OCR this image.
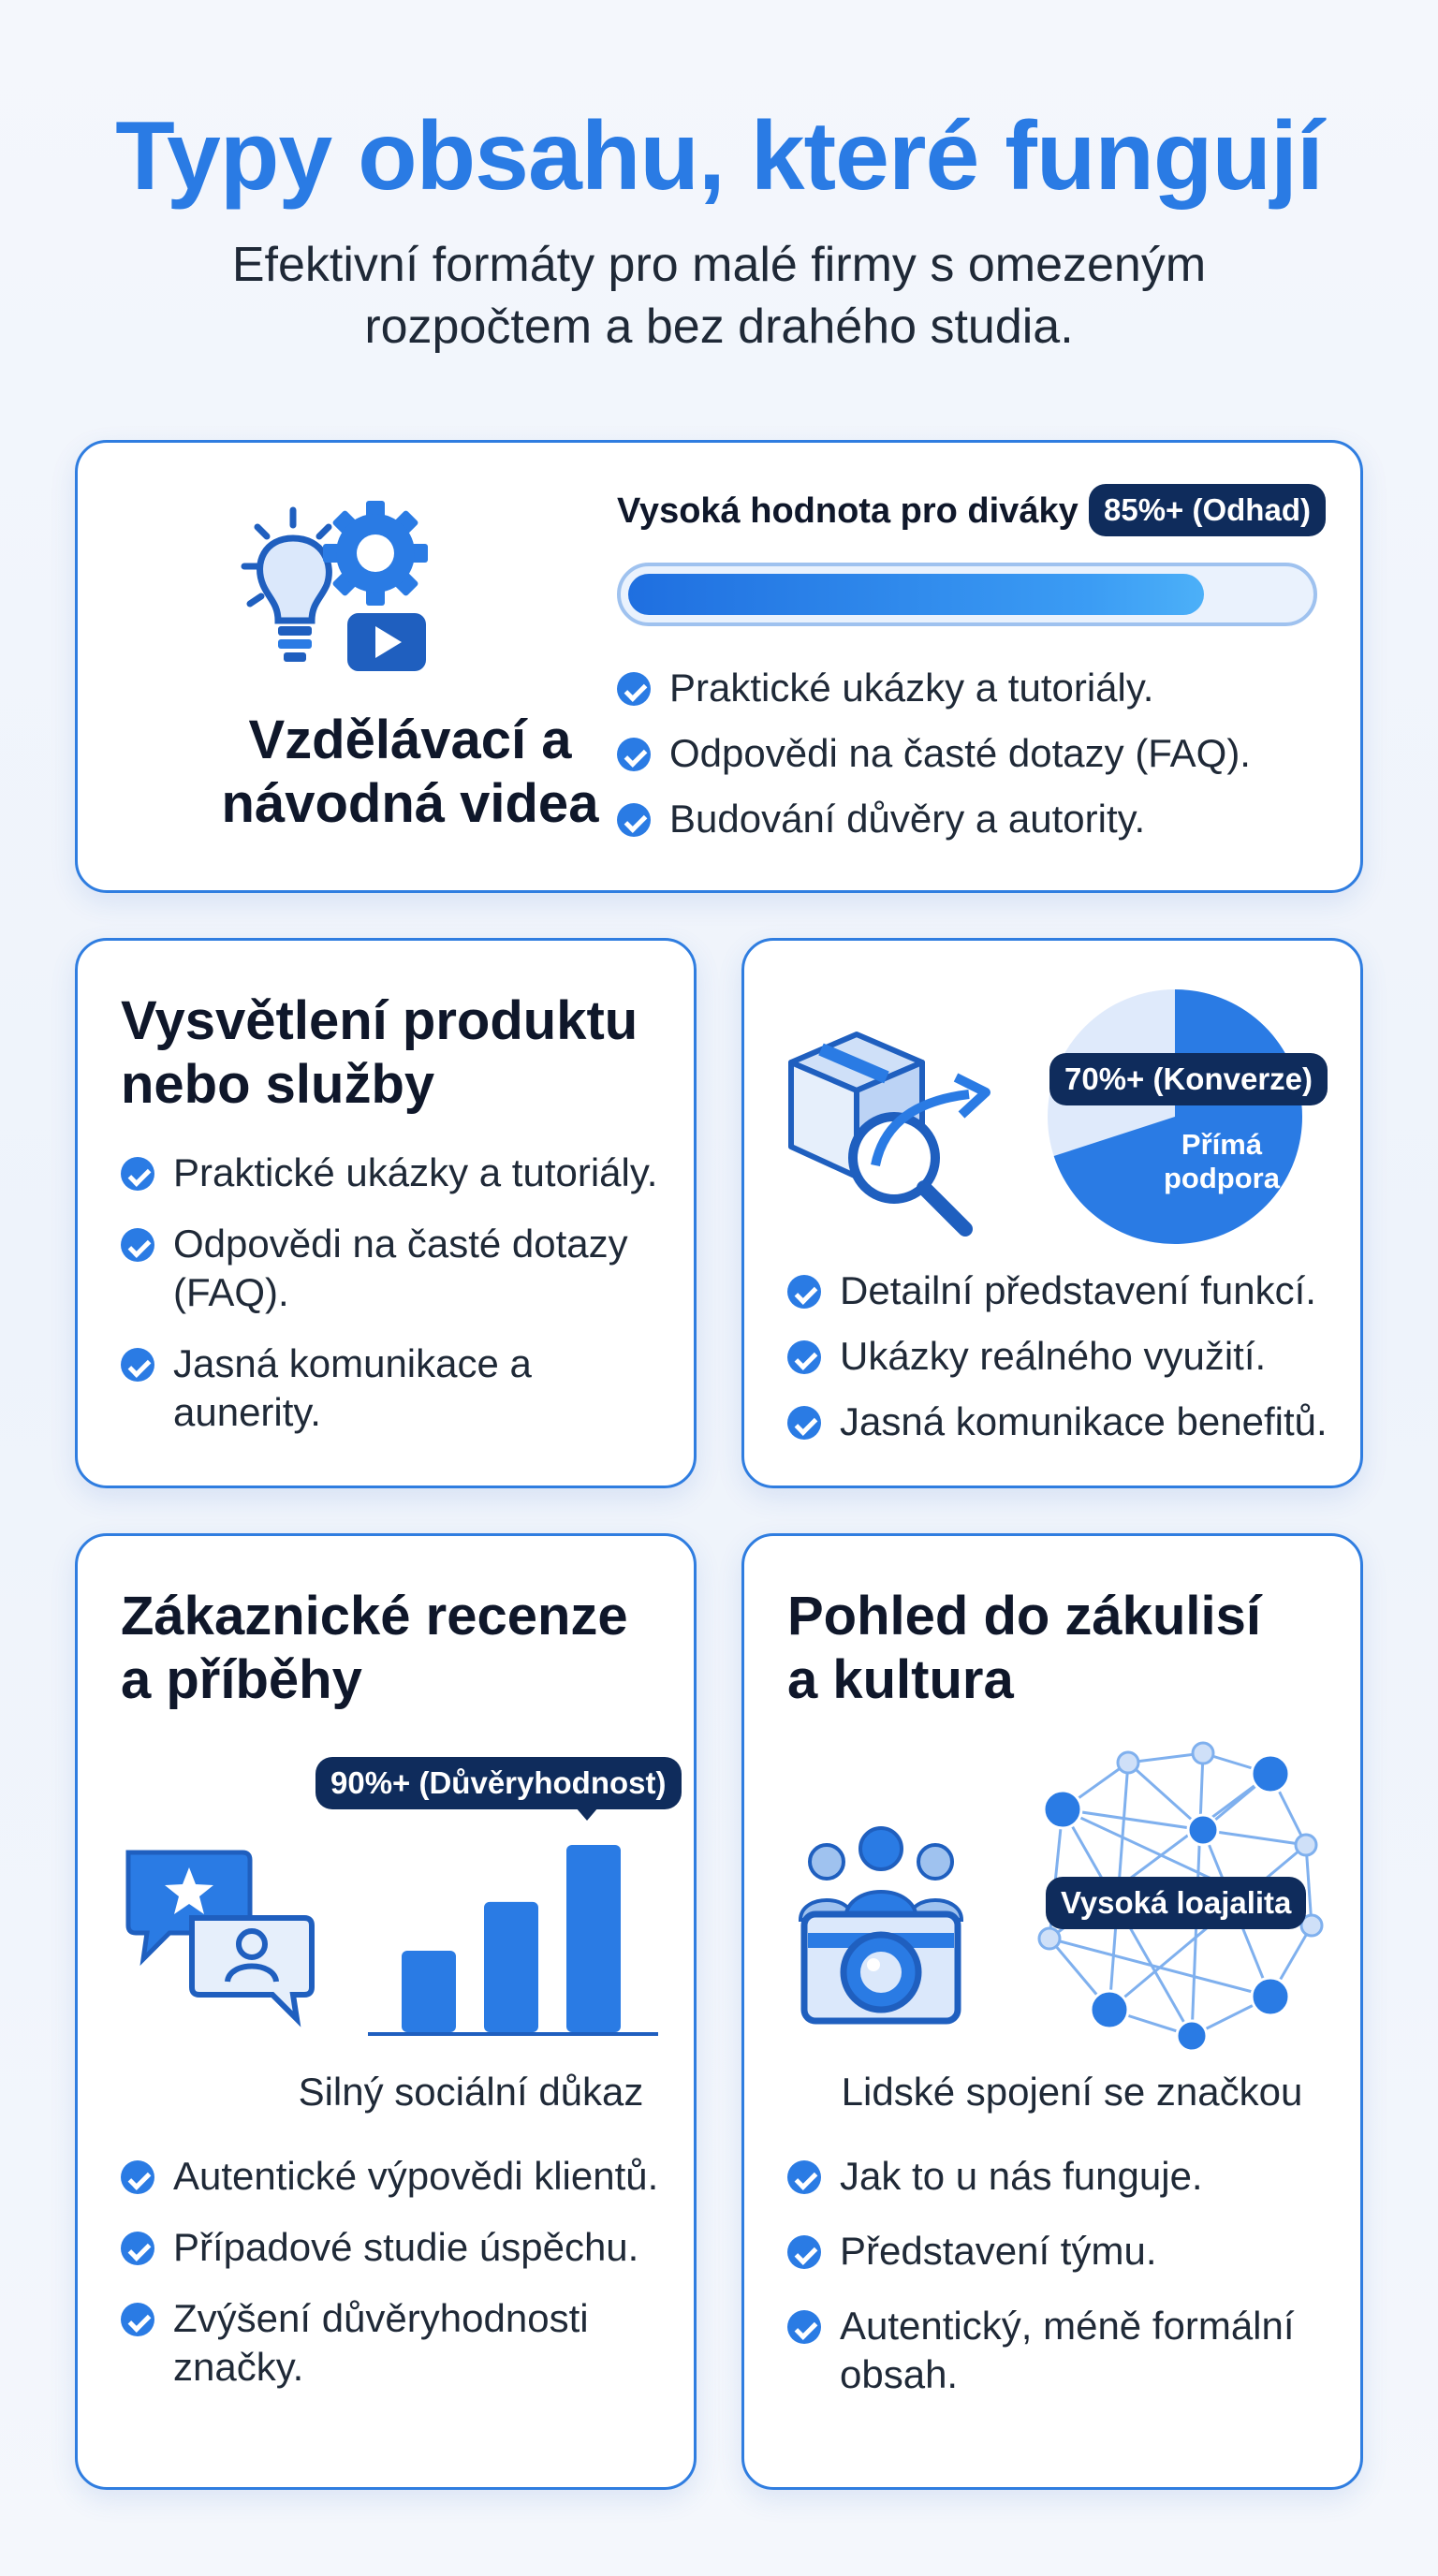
Typy obsahu, které fungují
Efektivní formáty pro malé firmy s omezeným
rozpočtem a bez drahého studia.
Vzdělávací a
návodná videa
Vysoká hodnota pro diváky 85%+ (Odhad)
Praktické ukázky a tutoriály.
Odpovědi na časté dotazy (FAQ).
Budování důvěry a autority.
Vysvětlení produktu
nebo služby
Praktické ukázky a tutoriály.
Odpovědi na časté dotazy (FAQ).
Jasná komunikace a aunerity.
70%+ (Konverze)
Přímá
podpora
Detailní představení funkcí.
Ukázky reálného využití.
Jasná komunikace benefitů.
Zákaznické recenze
a příběhy
90%+ (Důvěryhodnost)
Silný sociální důkaz
Autentické výpovědi klientů.
Případové studie úspěchu.
Zvýšení důvěryhodnosti značky.
Pohled do zákulisí
a kultura
Vysoká loajalita
Lidské spojení se značkou
Jak to u nás funguje.
Představení týmu.
Autentický, méně formální obsah.
